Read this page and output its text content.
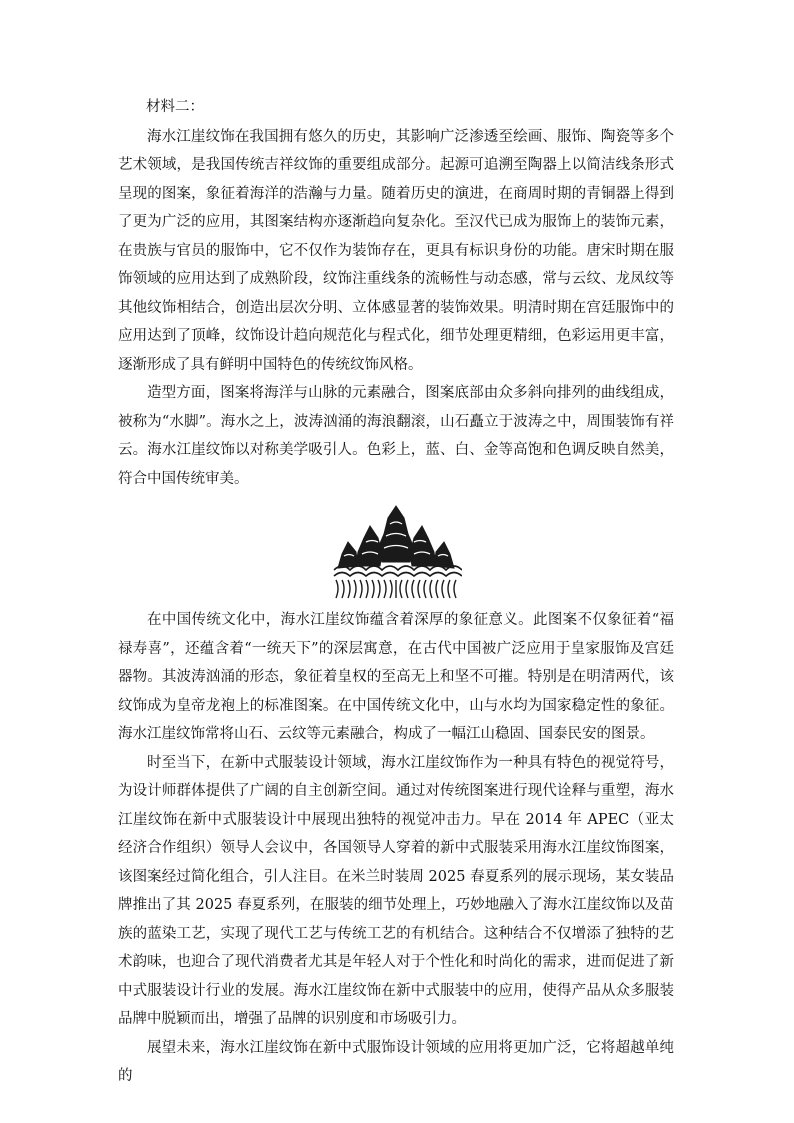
材料二：

海水江崖纹饰在我国拥有悠久的历史，其影响广泛渗透至绘画、服饰、陶瓷等多个艺术领域，是我国传统吉祥纹饰的重要组成部分。起源可追溯至陶器上以简洁线条形式呈现的图案，象征着海洋的浩瀚与力量。随着历史的演进，在商周时期的青铜器上得到了更为广泛的应用，其图案结构亦逐渐趋向复杂化。至汉代已成为服饰上的装饰元素，在贵族与官员的服饰中，它不仅作为装饰存在，更具有标识身份的功能。唐宋时期在服饰领域的应用达到了成熟阶段，纹饰注重线条的流畅性与动态感，常与云纹、龙凤纹等其他纹饰相结合，创造出层次分明、立体感显著的装饰效果。明清时期在宫廷服饰中的应用达到了顶峰，纹饰设计趋向规范化与程式化，细节处理更精细，色彩运用更丰富，逐渐形成了具有鲜明中国特色的传统纹饰风格。

造型方面，图案将海洋与山脉的元素融合，图案底部由众多斜向排列的曲线组成，被称为“水脚”。海水之上，波涛汹涌的海浪翻滚，山石矗立于波涛之中，周围装饰有祥云。海水江崖纹饰以对称美学吸引人。色彩上，蓝、白、金等高饱和色调反映自然美，符合中国传统审美。

在中国传统文化中，海水江崖纹饰蕴含着深厚的象征意义。此图案不仅象征着“福禄寿喜”，还蕴含着“一统天下”的深层寓意，在古代中国被广泛应用于皇家服饰及宫廷器物。其波涛汹涌的形态，象征着皇权的至高无上和坚不可摧。特别是在明清两代，该纹饰成为皇帝龙袍上的标准图案。在中国传统文化中，山与水均为国家稳定性的象征。海水江崖纹饰常将山石、云纹等元素融合，构成了一幅江山稳固、国泰民安的图景。

时至当下，在新中式服装设计领域，海水江崖纹饰作为一种具有特色的视觉符号，为设计师群体提供了广阔的自主创新空间。通过对传统图案进行现代诠释与重塑，海水江崖纹饰在新中式服装设计中展现出独特的视觉冲击力。早在 2014 年 APEC（亚太经济合作组织）领导人会议中，各国领导人穿着的新中式服装采用海水江崖纹饰图案，该图案经过简化组合，引人注目。在米兰时装周 2025 春夏系列的展示现场，某女装品牌推出了其 2025 春夏系列，在服装的细节处理上，巧妙地融入了海水江崖纹饰以及苗族的蓝染工艺，实现了现代工艺与传统工艺的有机结合。这种结合不仅增添了独特的艺术韵味，也迎合了现代消费者尤其是年轻人对于个性化和时尚化的需求，进而促进了新中式服装设计行业的发展。海水江崖纹饰在新中式服装中的应用，使得产品从众多服装品牌中脱颖而出，增强了品牌的识别度和市场吸引力。

展望未来，海水江崖纹饰在新中式服饰设计领域的应用将更加广泛，它将超越单纯的
